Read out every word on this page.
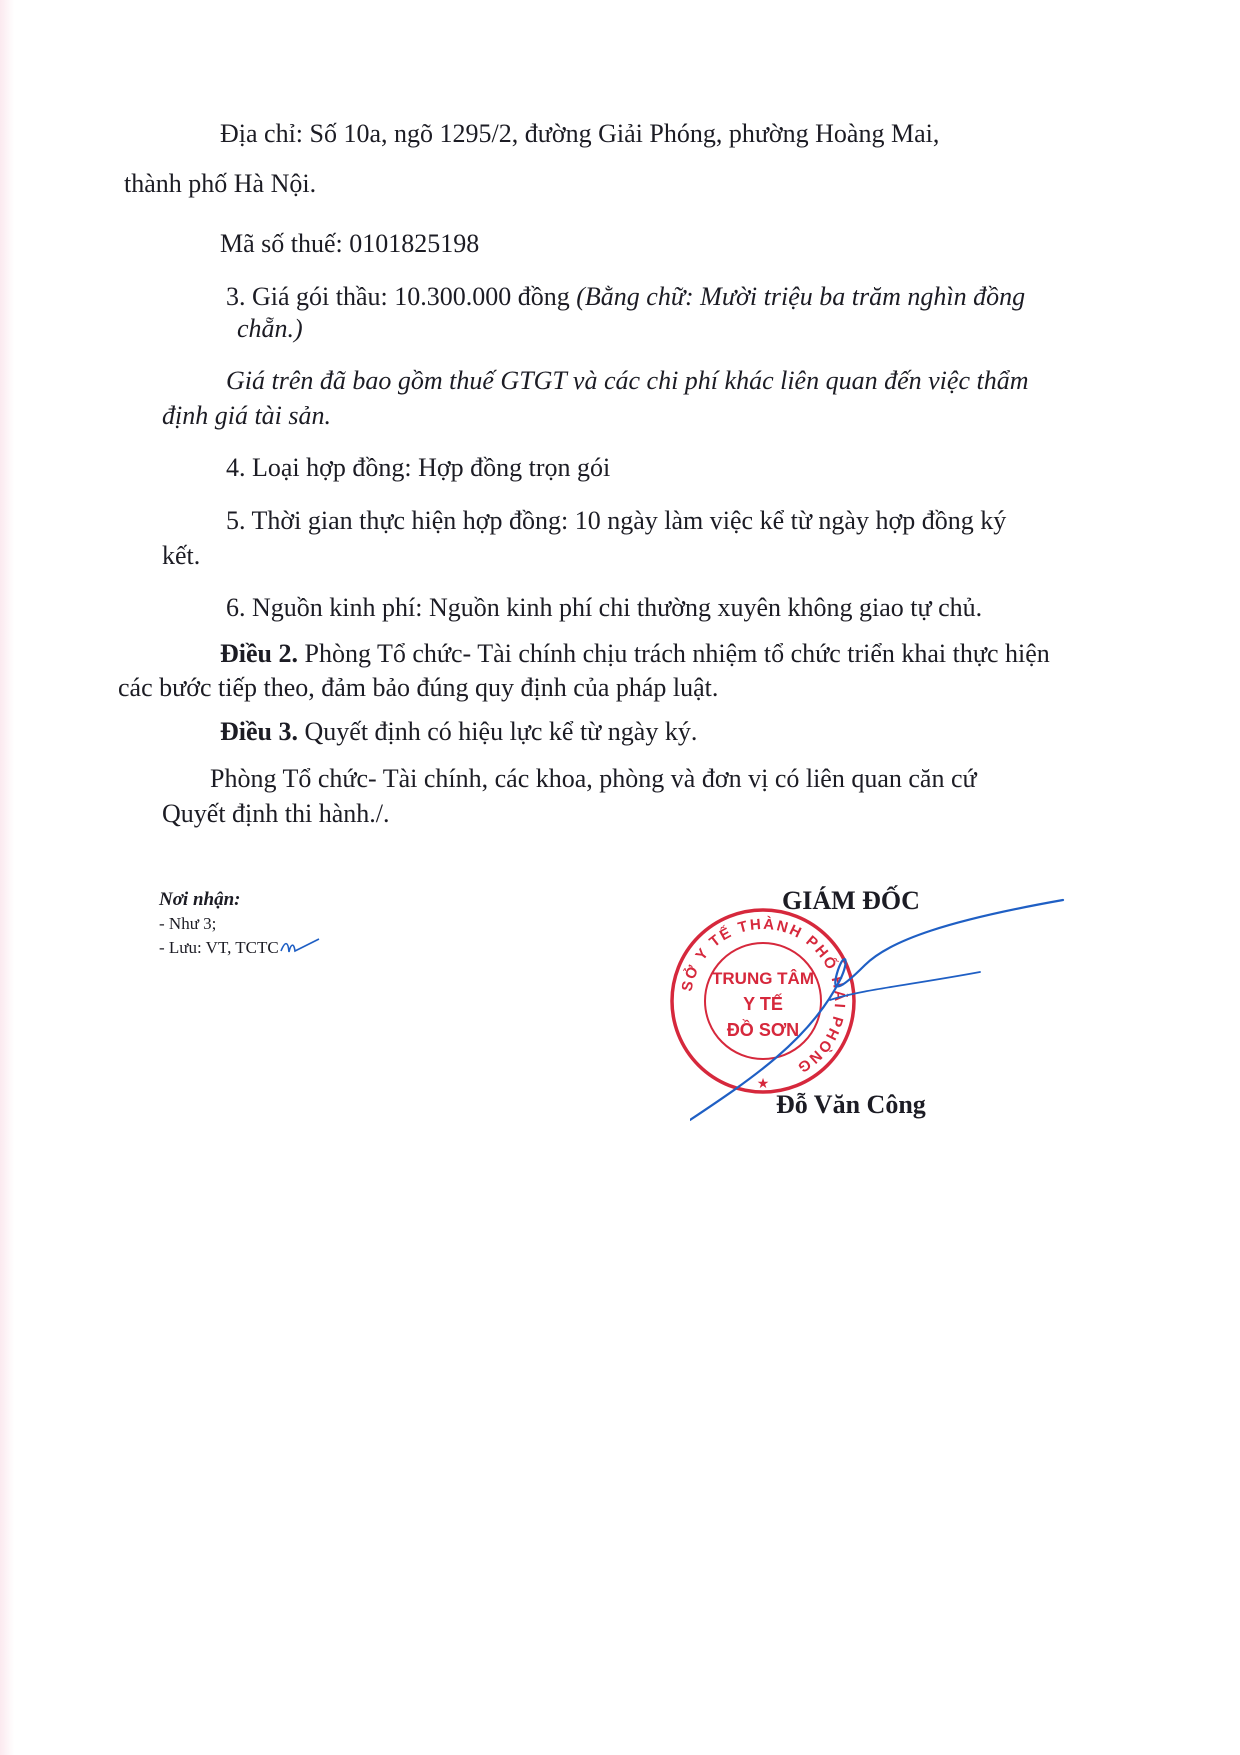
Địa chỉ: Số 10a, ngõ 1295/2, đường Giải Phóng, phường Hoàng Mai,
thành phố Hà Nội.
Mã số thuế: 0101825198
3. Giá gói thầu: 10.300.000 đồng (Bằng chữ: Mười triệu ba trăm nghìn đồng
chẵn.)
Giá trên đã bao gồm thuế GTGT và các chi phí khác liên quan đến việc thẩm
định giá tài sản.
4. Loại hợp đồng: Hợp đồng trọn gói
5. Thời gian thực hiện hợp đồng: 10 ngày làm việc kể từ ngày hợp đồng ký
kết.
6. Nguồn kinh phí: Nguồn kinh phí chi thường xuyên không giao tự chủ.
Điều 2. Phòng Tổ chức- Tài chính chịu trách nhiệm tổ chức triển khai thực hiện
các bước tiếp theo, đảm bảo đúng quy định của pháp luật.
Điều 3. Quyết định có hiệu lực kể từ ngày ký.
Phòng Tổ chức- Tài chính, các khoa, phòng và đơn vị có liên quan căn cứ
Quyết định thi hành./.
Nơi nhận:
- Như 3;
- Lưu: VT, TCTC
GIÁM ĐỐC
SỞ Y TẾ THÀNH PHỐ HẢI PHÒNG
★
TRUNG TÂM
Y TẾ
ĐỒ SƠN
Đỗ Văn Công
